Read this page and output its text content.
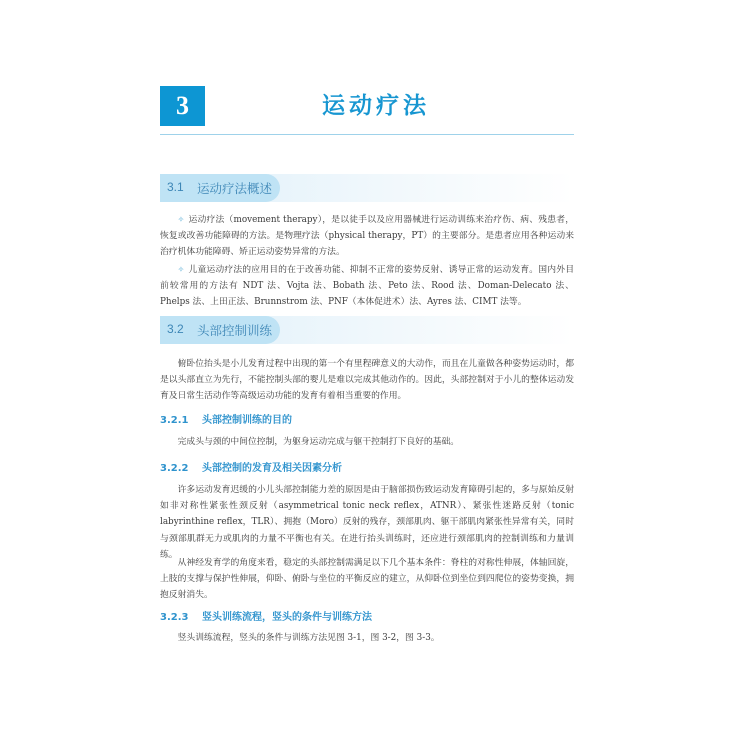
3	运动疗法
3.1 运动疗法概述

✧ 运动疗法（movement therapy），是以徒手以及应用器械进行运动训练来治疗伤、病、残患者，恢复或改善功能障碍的方法。是物理疗法（physical therapy，PT）的主要部分。是患者应用各种运动来治疗机体功能障碍、矫正运动姿势异常的方法。

✧ 儿童运动疗法的应用目的在于改善功能、抑制不正常的姿势反射、诱导正常的运动发育。国内外目前较常用的方法有 NDT 法、Vojta 法、Bobath 法、Peto 法、Rood 法、Doman-Delecato 法、Phelps 法、上田正法、Brunnstrom 法、PNF（本体促进术）法、Ayres 法、CIMT 法等。

3.2 头部控制训练

俯卧位抬头是小儿发育过程中出现的第一个有里程碑意义的大动作，而且在儿童做各种姿势运动时，都是以头部直立为先行，不能控制头部的婴儿是难以完成其他动作的。因此，头部控制对于小儿的整体运动发育及日常生活动作等高级运动功能的发育有着相当重要的作用。

3.2.1 头部控制训练的目的

完成头与颈的中间位控制，为躯身运动完成与躯干控制打下良好的基础。

3.2.2 头部控制的发育及相关因素分析

许多运动发育迟缓的小儿头部控制能力差的原因是由于脑部损伤致运动发育障碍引起的，多与原始反射如非对称性紧张性颈反射（asymmetrical tonic neck reflex，ATNR）、紧张性迷路反射（tonic labyrinthine reflex，TLR）、拥抱（Moro）反射的残存，颈部肌肉、躯干部肌肉紧张性异常有关，同时与颈部肌群无力或肌肉的力量不平衡也有关。在进行抬头训练时，还应进行颈部肌肉的控制训练和力量训练。

从神经发育学的角度来看，稳定的头部控制需满足以下几个基本条件：脊柱的对称性伸展，体轴回旋，上肢的支撑与保护性伸展，仰卧、俯卧与坐位的平衡反应的建立，从仰卧位到坐位到四爬位的姿势变换，拥抱反射消失。

3.2.3 竖头训练流程，竖头的条件与训练方法

竖头训练流程，竖头的条件与训练方法见图 3-1，图 3-2，图 3-3。
